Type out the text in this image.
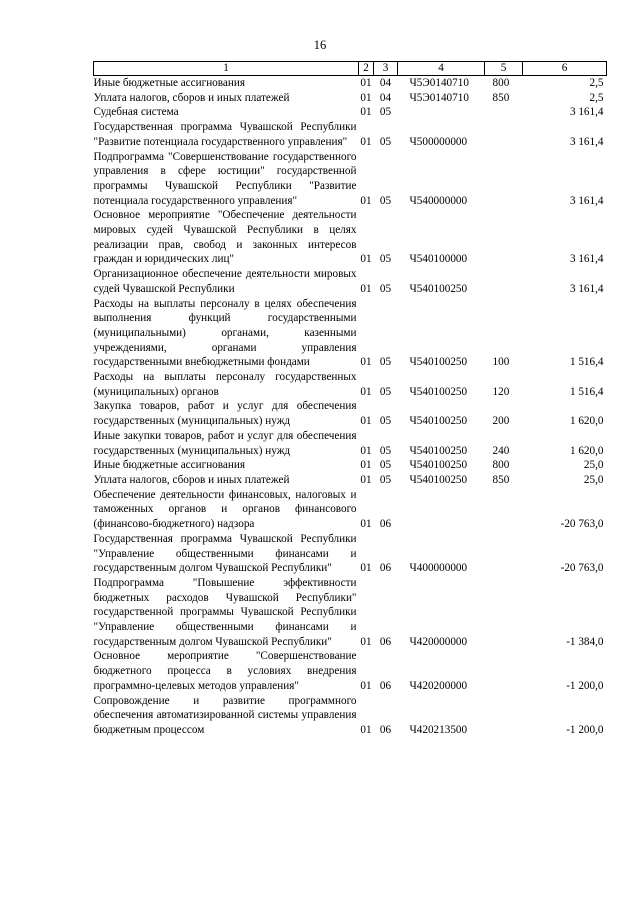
16
1	2	3	4	5	6
Иные бюджетные ассигнования	01	04	Ч5Э0140710	800	2,5
Уплата налогов, сборов и иных платежей	01	04	Ч5Э0140710	850	2,5
Судебная система	01	05			3 161,4
Государственная программа Чувашской Республики "Развитие потенциала государственного управления"	01	05	Ч500000000		3 161,4
Подпрограмма "Совершенствование государственного управления в сфере юстиции" государственной программы Чувашской Республики "Развитие потенциала государственного управления"	01	05	Ч540000000		3 161,4
Основное мероприятие "Обеспечение деятельности мировых судей Чувашской Республики в целях реализации прав, свобод и законных интересов граждан и юридических лиц"	01	05	Ч540100000		3 161,4
Организационное обеспечение деятельности мировых судей Чувашской Республики	01	05	Ч540100250		3 161,4
Расходы на выплаты персоналу в целях обеспечения выполнения функций государственными (муниципальными) органами, казенными учреждениями, органами управления государственными внебюджетными фондами	01	05	Ч540100250	100	1 516,4
Расходы на выплаты персоналу государственных (муниципальных) органов	01	05	Ч540100250	120	1 516,4
Закупка товаров, работ и услуг для обеспечения государственных (муниципальных) нужд	01	05	Ч540100250	200	1 620,0
Иные закупки товаров, работ и услуг для обеспечения государственных (муниципальных) нужд	01	05	Ч540100250	240	1 620,0
Иные бюджетные ассигнования	01	05	Ч540100250	800	25,0
Уплата налогов, сборов и иных платежей	01	05	Ч540100250	850	25,0
Обеспечение деятельности финансовых, налоговых и таможенных органов и органов финансового (финансово-бюджетного) надзора	01	06			-20 763,0
Государственная программа Чувашской Республики "Управление общественными финансами и государственным долгом Чувашской Республики"	01	06	Ч400000000		-20 763,0
Подпрограмма "Повышение эффективности бюджетных расходов Чувашской Республики" государственной программы Чувашской Республики "Управление общественными финансами и государственным долгом Чувашской Республики"	01	06	Ч420000000		-1 384,0
Основное мероприятие "Совершенствование бюджетного процесса в условиях внедрения программно-целевых методов управления"	01	06	Ч420200000		-1 200,0
Сопровождение и развитие программного обеспечения автоматизированной системы управления бюджетным процессом	01	06	Ч420213500		-1 200,0
